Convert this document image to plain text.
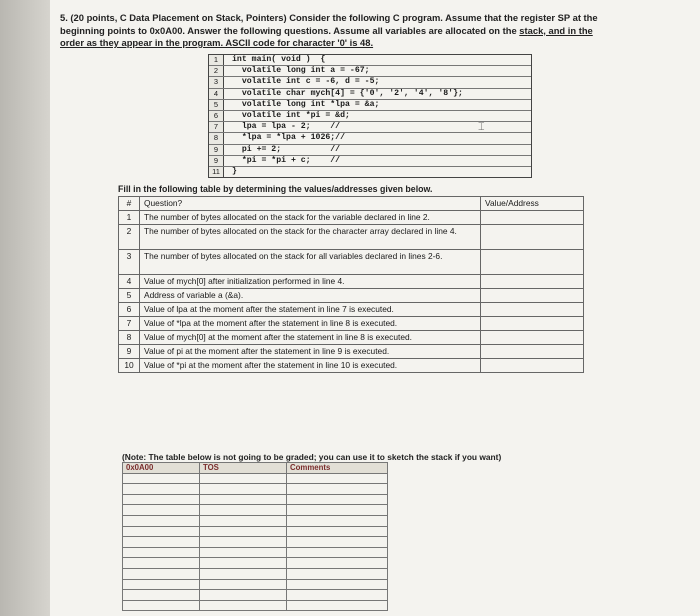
5. (20 points, C Data Placement on Stack, Pointers) Consider the following C program. Assume that the register SP at the beginning points to 0x0A00. Answer the following questions. Assume all variables are allocated on the stack, and in the order as they appear in the program. ASCII code for character '0' is 48.
1	int main( void )  {
2	volatile long int a = -67;
3	volatile int c = -6, d = -5;
4	volatile char mych[4] = {'0', '2', '4', '8'};
5	volatile long int *lpa = &a;
6	volatile int *pi = &d;
7	lpa = lpa - 2;    //
8	*lpa = *lpa + 1026;//
9	pi += 2;          //
9	*pi = *pi + c;    //
11	}
⌶
Fill in the following table by determining the values/addresses given below.
#	Question?	Value/Address
1	The number of bytes allocated on the stack for the variable declared in line 2.	
2	The number of bytes allocated on the stack for the character array declared in line 4.	
3	The number of bytes allocated on the stack for all variables declared in lines 2-6.	
4	Value of mych[0] after initialization performed in line 4.	
5	Address of variable a (&a).	
6	Value of lpa at the moment after the statement in line 7 is executed.	
7	Value of *lpa at the moment after the statement in line 8 is executed.	
8	Value of mych[0] at the moment after the statement in line 8 is executed.	
9	Value of pi at the moment after the statement in line 9 is executed.	
10	Value of *pi at the moment after the statement in line 10 is executed.	
(Note: The table below is not going to be graded; you can use it to sketch the stack if you want)
0x0A00	TOS	Comments
